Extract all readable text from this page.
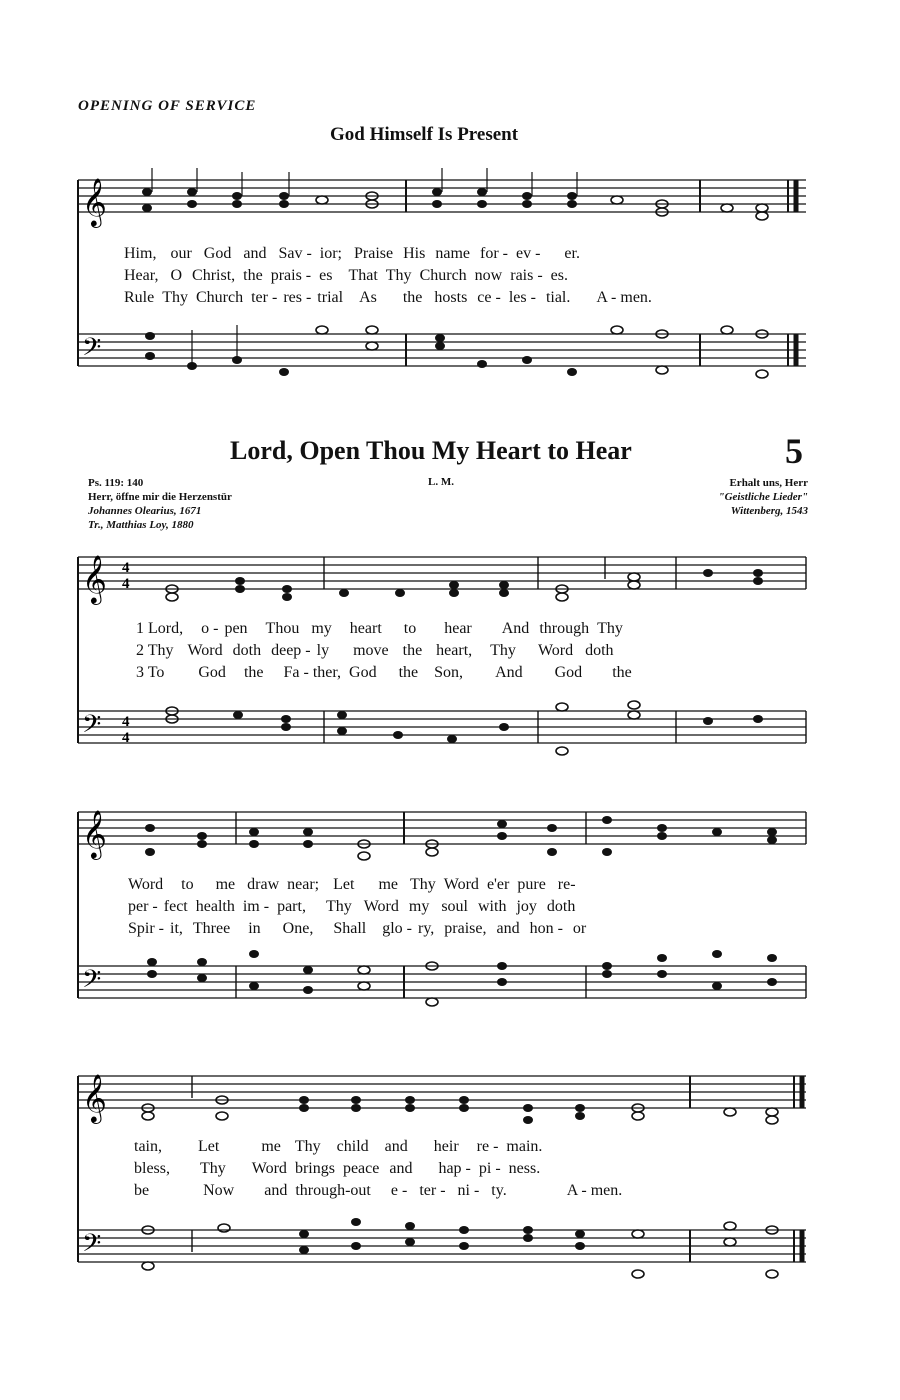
OPENING OF SERVICE
God Himself Is Present
𝄞
𝄢
Him, our God and Sav - ior; Praise His name for - ev - er.
Hear, O Christ, the prais - es That Thy Church now rais - es.
Rule Thy Church ter - res - trial As the hosts ce - les - tial. A - men.
Lord, Open Thou My Heart to Hear	5
Ps. 119: 140
Herr, öffne mir die Herzenstür
Johannes Olearius, 1671
Tr., Matthias Loy, 1880
L. M.	Erhalt uns, Herr
"Geistliche Lieder"
Wittenberg, 1543
𝄞
𝄢
4
4
4
4
1 Lord, o - pen Thou my heart to hear And through Thy
2 Thy Word doth deep - ly move the heart, Thy Word doth
3 To God the Fa - ther, God the Son, And God the
𝄞
𝄢
Word to me draw near; Let me Thy Word e'er pure re-
per - fect health im - part, Thy Word my soul with joy doth
Spir - it, Three in One, Shall glo - ry, praise, and hon - or
𝄞
𝄢
tain, Let	me Thy child and heir re - main.
bless, Thy Word brings peace and hap - pi - ness.
be	Now and through-out e - ter - ni - ty.	A - men.
